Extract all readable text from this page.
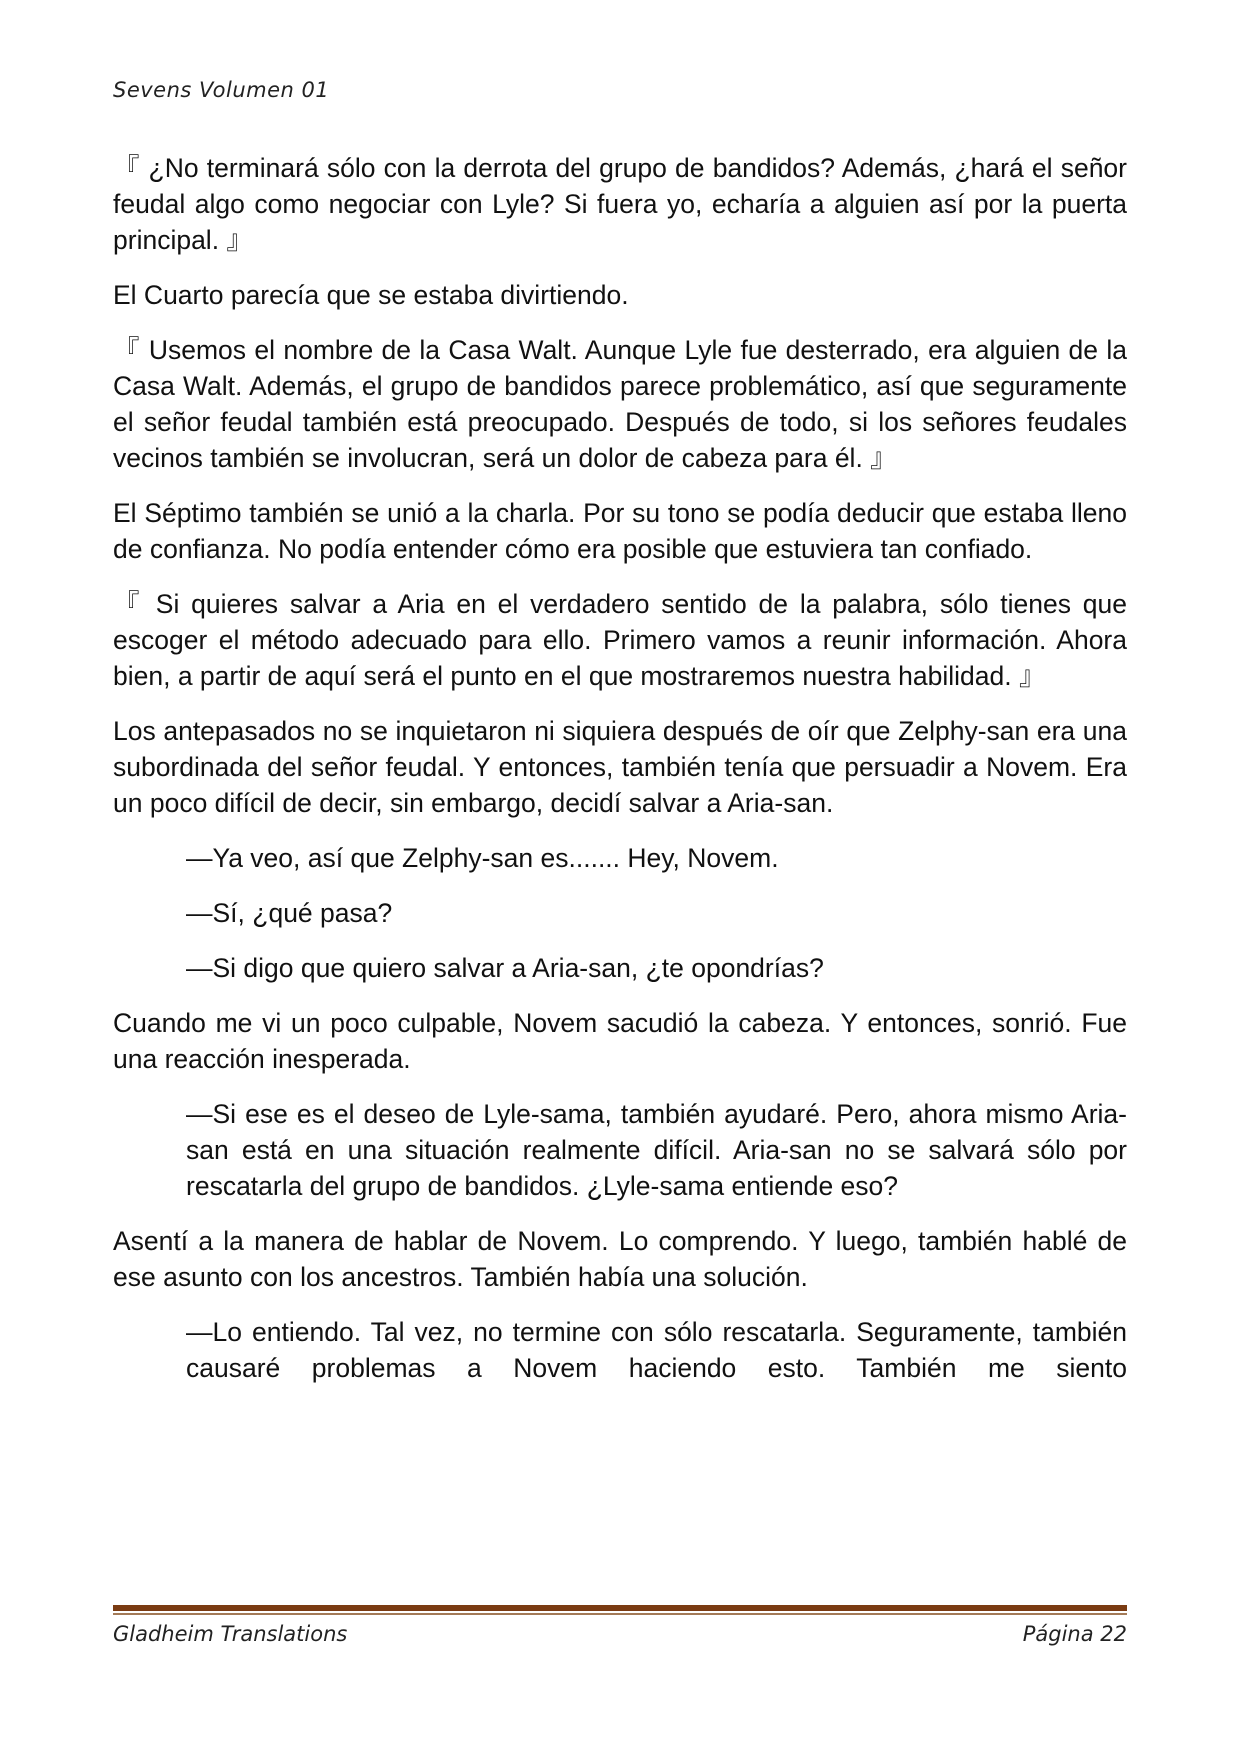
Sevens Volumen 01

『 ¿No terminará sólo con la derrota del grupo de bandidos? Además, ¿hará el señor feudal algo como negociar con Lyle? Si fuera yo, echaría a alguien así por la puerta principal. 』

El Cuarto parecía que se estaba divirtiendo.

『 Usemos el nombre de la Casa Walt. Aunque Lyle fue desterrado, era alguien de la Casa Walt. Además, el grupo de bandidos parece problemático, así que seguramente el señor feudal también está preocupado. Después de todo, si los señores feudales vecinos también se involucran, será un dolor de cabeza para él. 』

El Séptimo también se unió a la charla. Por su tono se podía deducir que estaba lleno de confianza. No podía entender cómo era posible que estuviera tan confiado.

『 Si quieres salvar a Aria en el verdadero sentido de la palabra, sólo tienes que escoger el método adecuado para ello. Primero vamos a reunir información. Ahora bien, a partir de aquí será el punto en el que mostraremos nuestra habilidad. 』

Los antepasados no se inquietaron ni siquiera después de oír que Zelphy-san era una subordinada del señor feudal. Y entonces, también tenía que persuadir a Novem. Era un poco difícil de decir, sin embargo, decidí salvar a Aria-san.

—Ya veo, así que Zelphy-san es....... Hey, Novem.

—Sí, ¿qué pasa?

—Si digo que quiero salvar a Aria-san, ¿te opondrías?

Cuando me vi un poco culpable, Novem sacudió la cabeza. Y entonces, sonrió. Fue una reacción inesperada.

—Si ese es el deseo de Lyle-sama, también ayudaré. Pero, ahora mismo Aria-san está en una situación realmente difícil. Aria-san no se salvará sólo por rescatarla del grupo de bandidos. ¿Lyle-sama entiende eso?

Asentí a la manera de hablar de Novem. Lo comprendo. Y luego, también hablé de ese asunto con los ancestros. También había una solución.

—Lo entiendo. Tal vez, no termine con sólo rescatarla. Seguramente, también causaré problemas a Novem haciendo esto. También me siento

Gladheim Translations	Página 22
